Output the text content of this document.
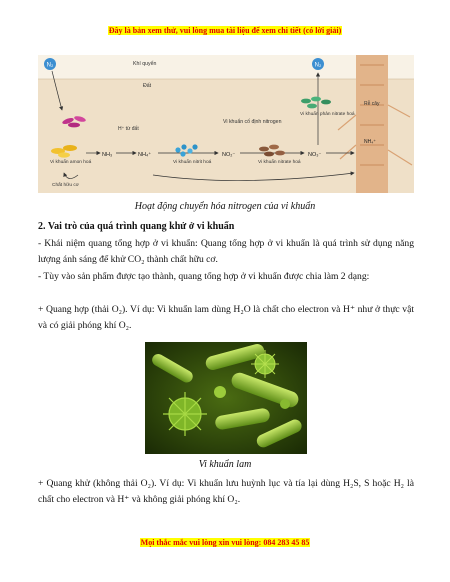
Đây là bản xem thử, vui lòng mua tài liệu để xem chi tiết (có lời giải)
N₂	N₂
Khí quyển
Đất
H⁺ từ đất
Vi khuẩn cố định nitrogen
Vi khuẩn phản nitrate hoá
Rễ cây
Vi khuẩn amon hoá
Chất hữu cơ
Vi khuẩn nitrit hoá	Vi khuẩn nitrate hoá
NH₃	NH₄⁺	NO₂⁻	NO₃⁻
NH₄⁺
Hoạt động chuyển hóa nitrogen của vi khuẩn
2. Vai trò của quá trình quang khử ở vi khuẩn
- Khái niệm quang tổng hợp ở vi khuẩn: Quang tổng hợp ở vi khuẩn là quá trình sử dụng năng lượng ánh sáng để khử CO₂ thành chất hữu cơ.
- Tùy vào sản phẩm được tạo thành, quang tổng hợp ở vi khuẩn được chia làm 2 dạng:
+ Quang hợp (thải O₂). Ví dụ: Vi khuẩn lam dùng H₂O là chất cho electron và H⁺ như ở thực vật và có giải phóng khí O₂.
Vi khuẩn lam
+ Quang khử (không thải O₂). Ví dụ: Vi khuẩn lưu huỳnh lục và tía lại dùng H₂S, S hoặc H₂ là chất cho electron và H⁺ và không giải phóng khí O₂.
Mọi thắc mắc vui lòng xin vui lòng: 084 283 45 85
